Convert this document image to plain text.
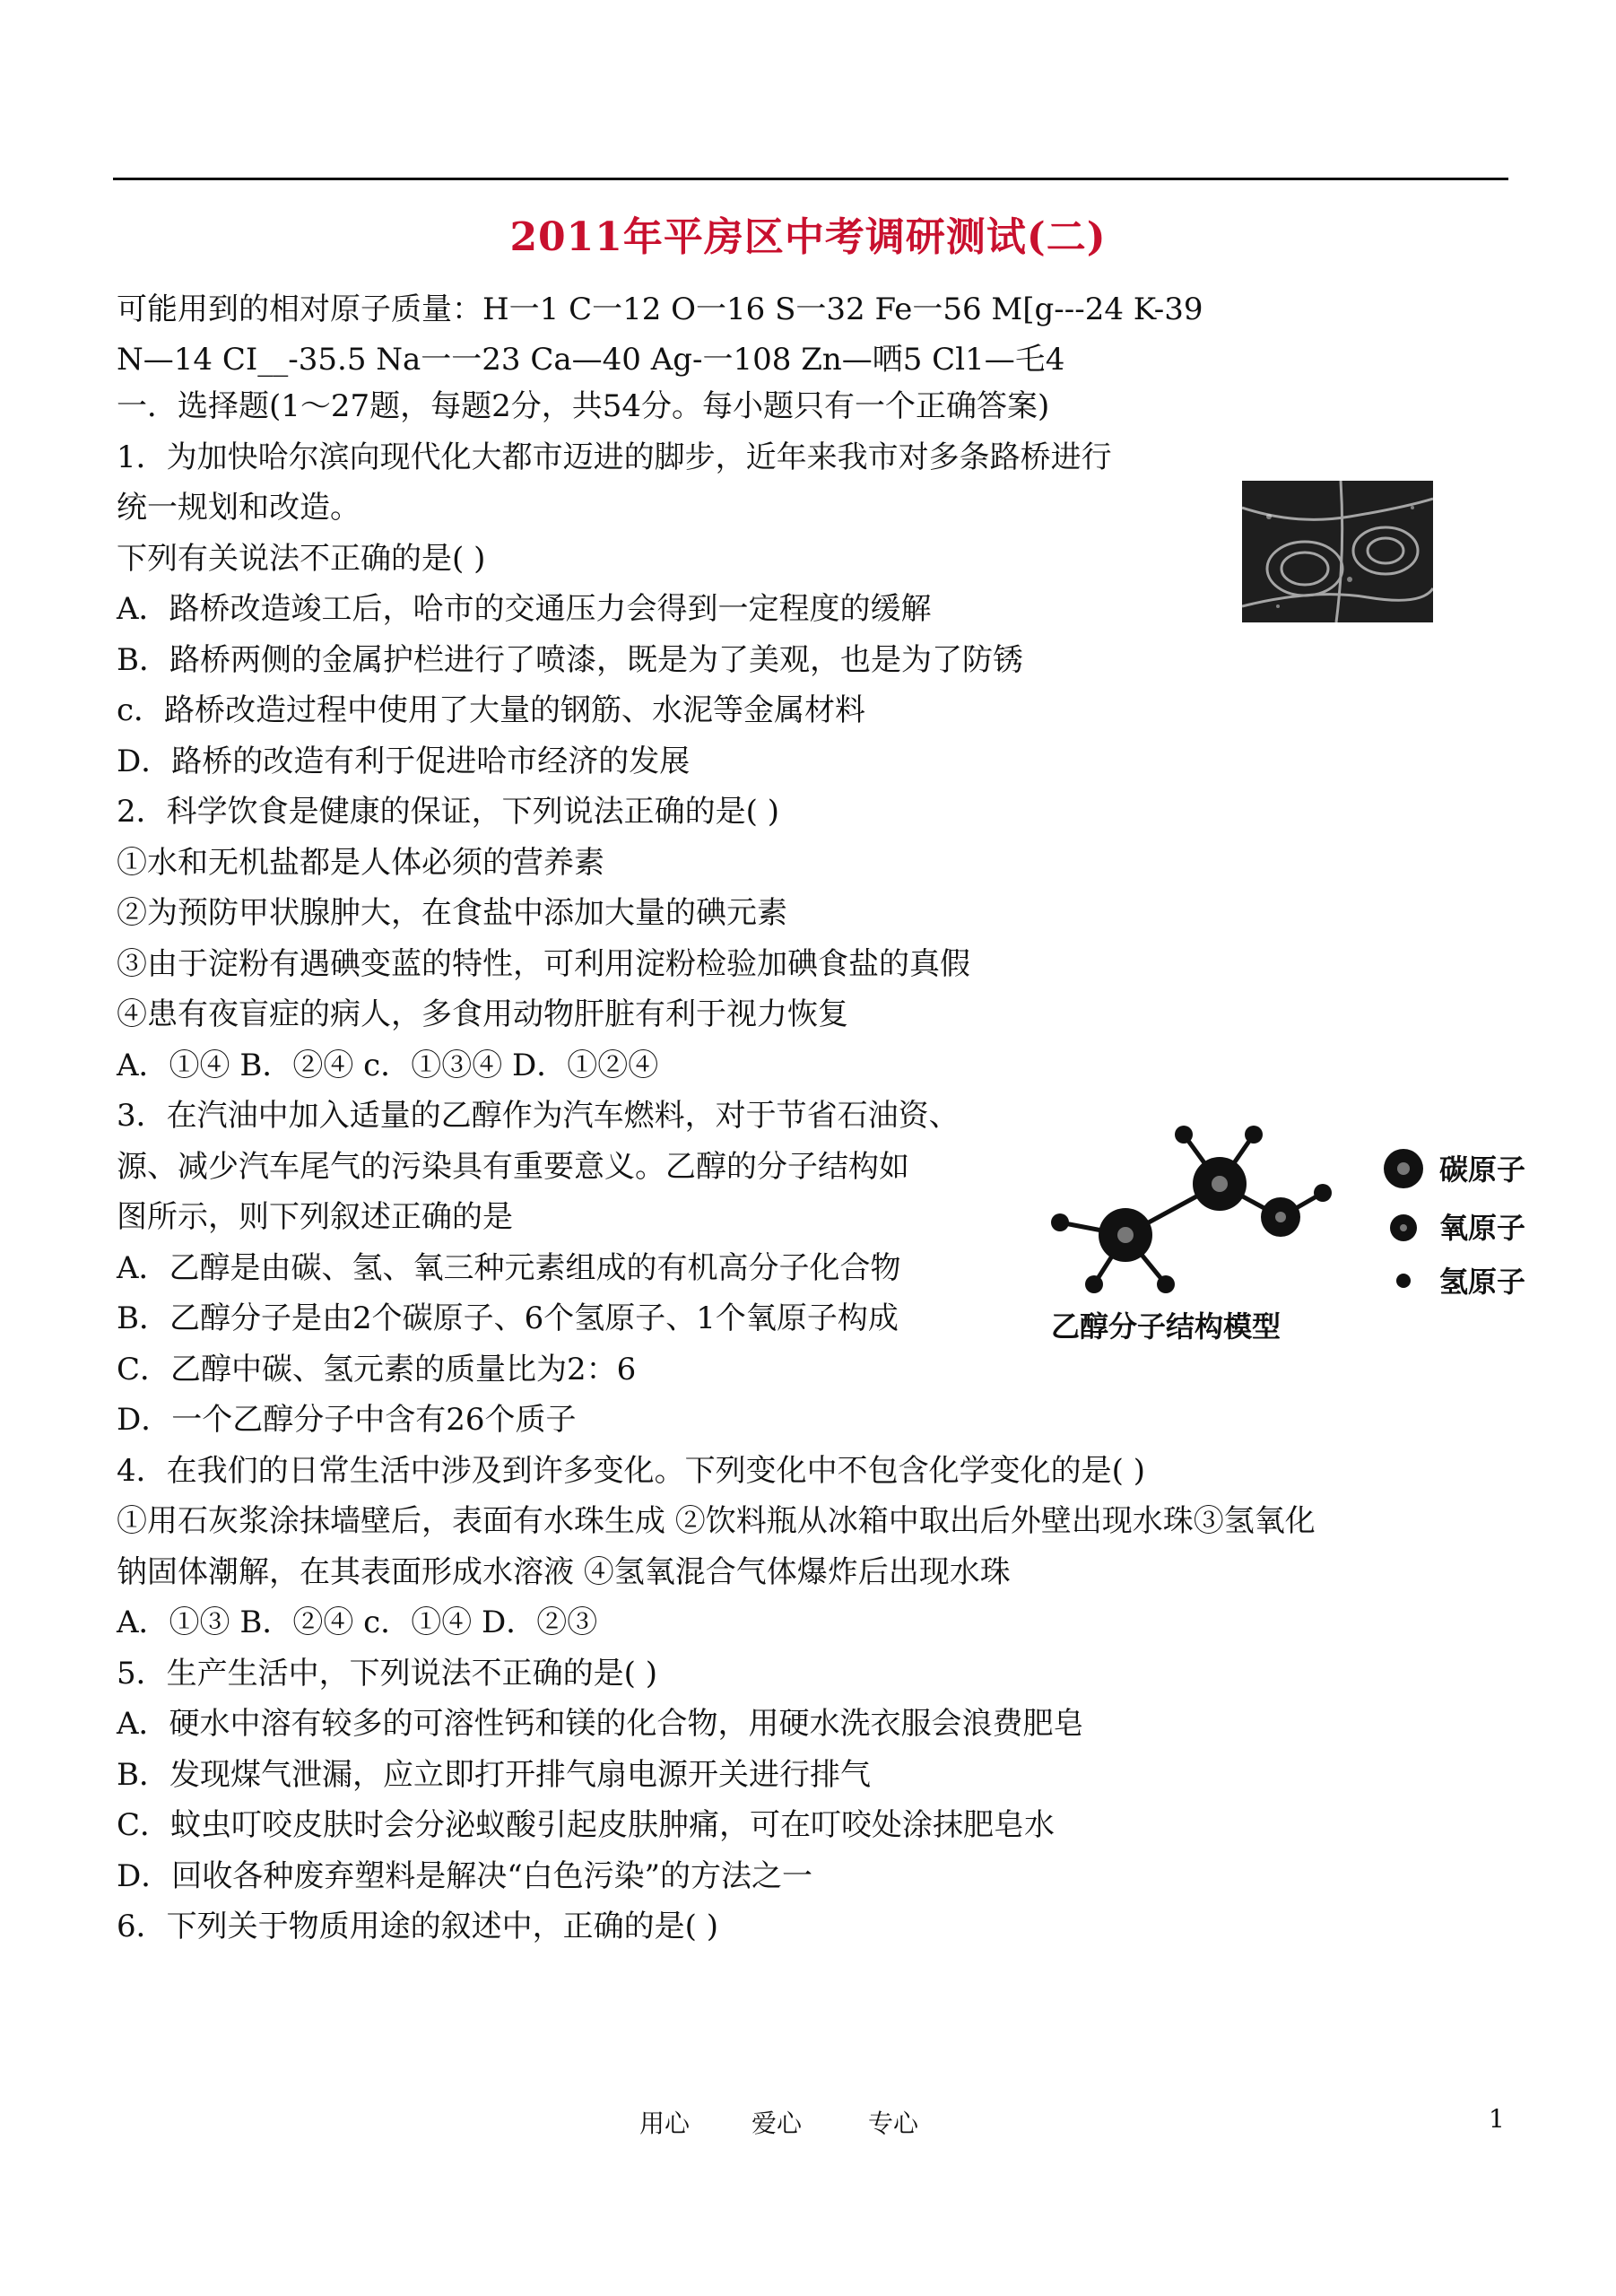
2011年平房区中考调研测试(二)
可能用到的相对原子质量：H一1 C一12 O一16 S一32 Fe一56 M[g---24 K-39
N—14 CI__-35.5 Na一一23 Ca—40 Ag-一108 Zn—哂5 Cl1—乇4
一．选择题(1～27题，每题2分，共54分。每小题只有一个正确答案)
1．为加快哈尔滨向现代化大都市迈进的脚步，近年来我市对多条路桥进行
统一规划和改造。
下列有关说法不正确的是( )
A．路桥改造竣工后，哈市的交通压力会得到一定程度的缓解
B．路桥两侧的金属护栏进行了喷漆，既是为了美观，也是为了防锈
c．路桥改造过程中使用了大量的钢筋、水泥等金属材料
D．路桥的改造有利于促进哈市经济的发展
2．科学饮食是健康的保证，下列说法正确的是( )
①水和无机盐都是人体必须的营养素
②为预防甲状腺肿大，在食盐中添加大量的碘元素
③由于淀粉有遇碘变蓝的特性，可利用淀粉检验加碘食盐的真假
④患有夜盲症的病人，多食用动物肝脏有利于视力恢复
A．①④ B．②④ c．①③④ D．①②④
3．在汽油中加入适量的乙醇作为汽车燃料，对于节省石油资、
源、减少汽车尾气的污染具有重要意义。乙醇的分子结构如
图所示，则下列叙述正确的是
A．乙醇是由碳、氢、氧三种元素组成的有机高分子化合物
B．乙醇分子是由2个碳原子、6个氢原子、1个氧原子构成
C．乙醇中碳、氢元素的质量比为2：6
D．一个乙醇分子中含有26个质子
4．在我们的日常生活中涉及到许多变化。下列变化中不包含化学变化的是( )
①用石灰浆涂抹墙壁后，表面有水珠生成 ②饮料瓶从冰箱中取出后外壁出现水珠③氢氧化
钠固体潮解，在其表面形成水溶液 ④氢氧混合气体爆炸后出现水珠
A．①③ B．②④ c．①④ D．②③
5．生产生活中，下列说法不正确的是( )
A．硬水中溶有较多的可溶性钙和镁的化合物，用硬水洗衣服会浪费肥皂
B．发现煤气泄漏，应立即打开排气扇电源开关进行排气
C．蚊虫叮咬皮肤时会分泌蚁酸引起皮肤肿痛，可在叮咬处涂抹肥皂水
D．回收各种废弃塑料是解决“白色污染”的方法之一
6．下列关于物质用途的叙述中，正确的是( )
碳原子
氧原子
氢原子
乙醇分子结构模型
用心 爱心	专心	1
